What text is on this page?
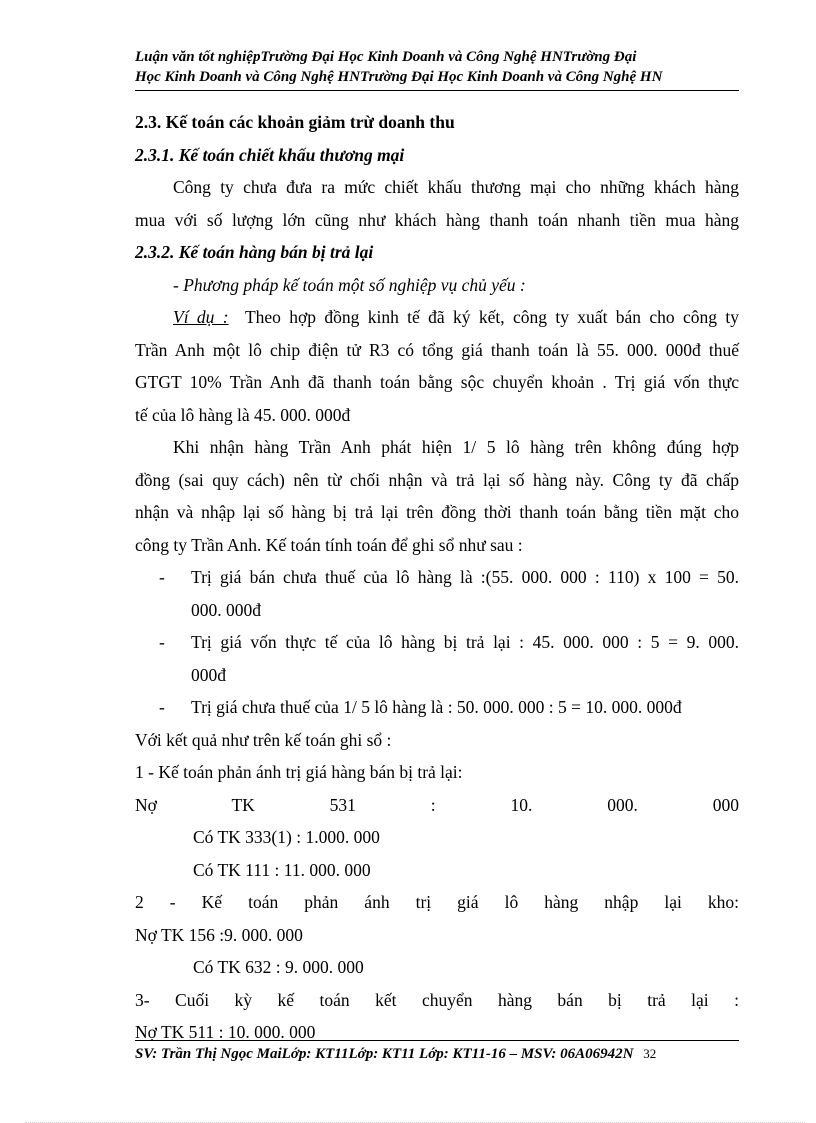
Luận văn tốt nghiệpTrường Đại Học Kinh Doanh và Công Nghệ HNTrường Đại
Học Kinh Doanh và Công Nghệ HNTrường Đại Học Kinh Doanh và Công Nghệ HN
2.3. Kế toán các khoản giảm trừ doanh thu
2.3.1. Kế toán chiết khấu thương mại
Công ty chưa đưa ra mức chiết khấu thương mại cho những khách hàng
mua với số lượng lớn cũng như khách hàng thanh toán nhanh tiền mua hàng
2.3.2. Kế toán hàng bán bị trả lại
- Phương pháp kế toán một số nghiệp vụ chủ yếu :
Ví dụ : Theo hợp đồng kinh tế đã ký kết, công ty xuất bán cho công ty
Trần Anh một lô chip điện tử R3 có tổng giá thanh toán là 55. 000. 000đ thuế
GTGT 10% Trần Anh đã thanh toán bằng sộc chuyển khoản . Trị giá vốn thực
tế của lô hàng là 45. 000. 000đ
Khi nhận hàng Trần Anh phát hiện 1/ 5 lô hàng trên không đúng hợp
đồng (sai quy cách) nên từ chối nhận và trả lại số hàng này. Công ty đã chấp
nhận và nhập lại số hàng bị trả lại trên đồng thời thanh toán bằng tiền mặt cho
công ty Trần Anh. Kế toán tính toán để ghi sổ như sau :
-	Trị giá bán chưa thuế của lô hàng là :(55. 000. 000 : 110) x 100 = 50.
000. 000đ
-	Trị giá vốn thực tế của lô hàng bị trả lại : 45. 000. 000 : 5 = 9. 000.
000đ
-	Trị giá chưa thuế của 1/ 5 lô hàng là : 50. 000. 000 : 5 = 10. 000. 000đ
Với kết quả như trên kế toán ghi sổ :
1 - Kế toán phản ánh trị giá hàng bán bị trả lại:
Nợ TK 531 : 10. 000. 000
Có TK 333(1) : 1.000. 000
Có TK 111 : 11. 000. 000
2 - Kế toán phản ánh trị giá lô hàng nhập lại kho:
Nợ TK 156 :9. 000. 000
Có TK 632 : 9. 000. 000
3- Cuối kỳ kế toán kết chuyển hàng bán bị trả lại :
Nợ TK 511 : 10. 000. 000
SV: Trần Thị Ngọc MaiLớp: KT11Lớp: KT11 Lớp: KT11-16 – MSV: 06A06942N 32
